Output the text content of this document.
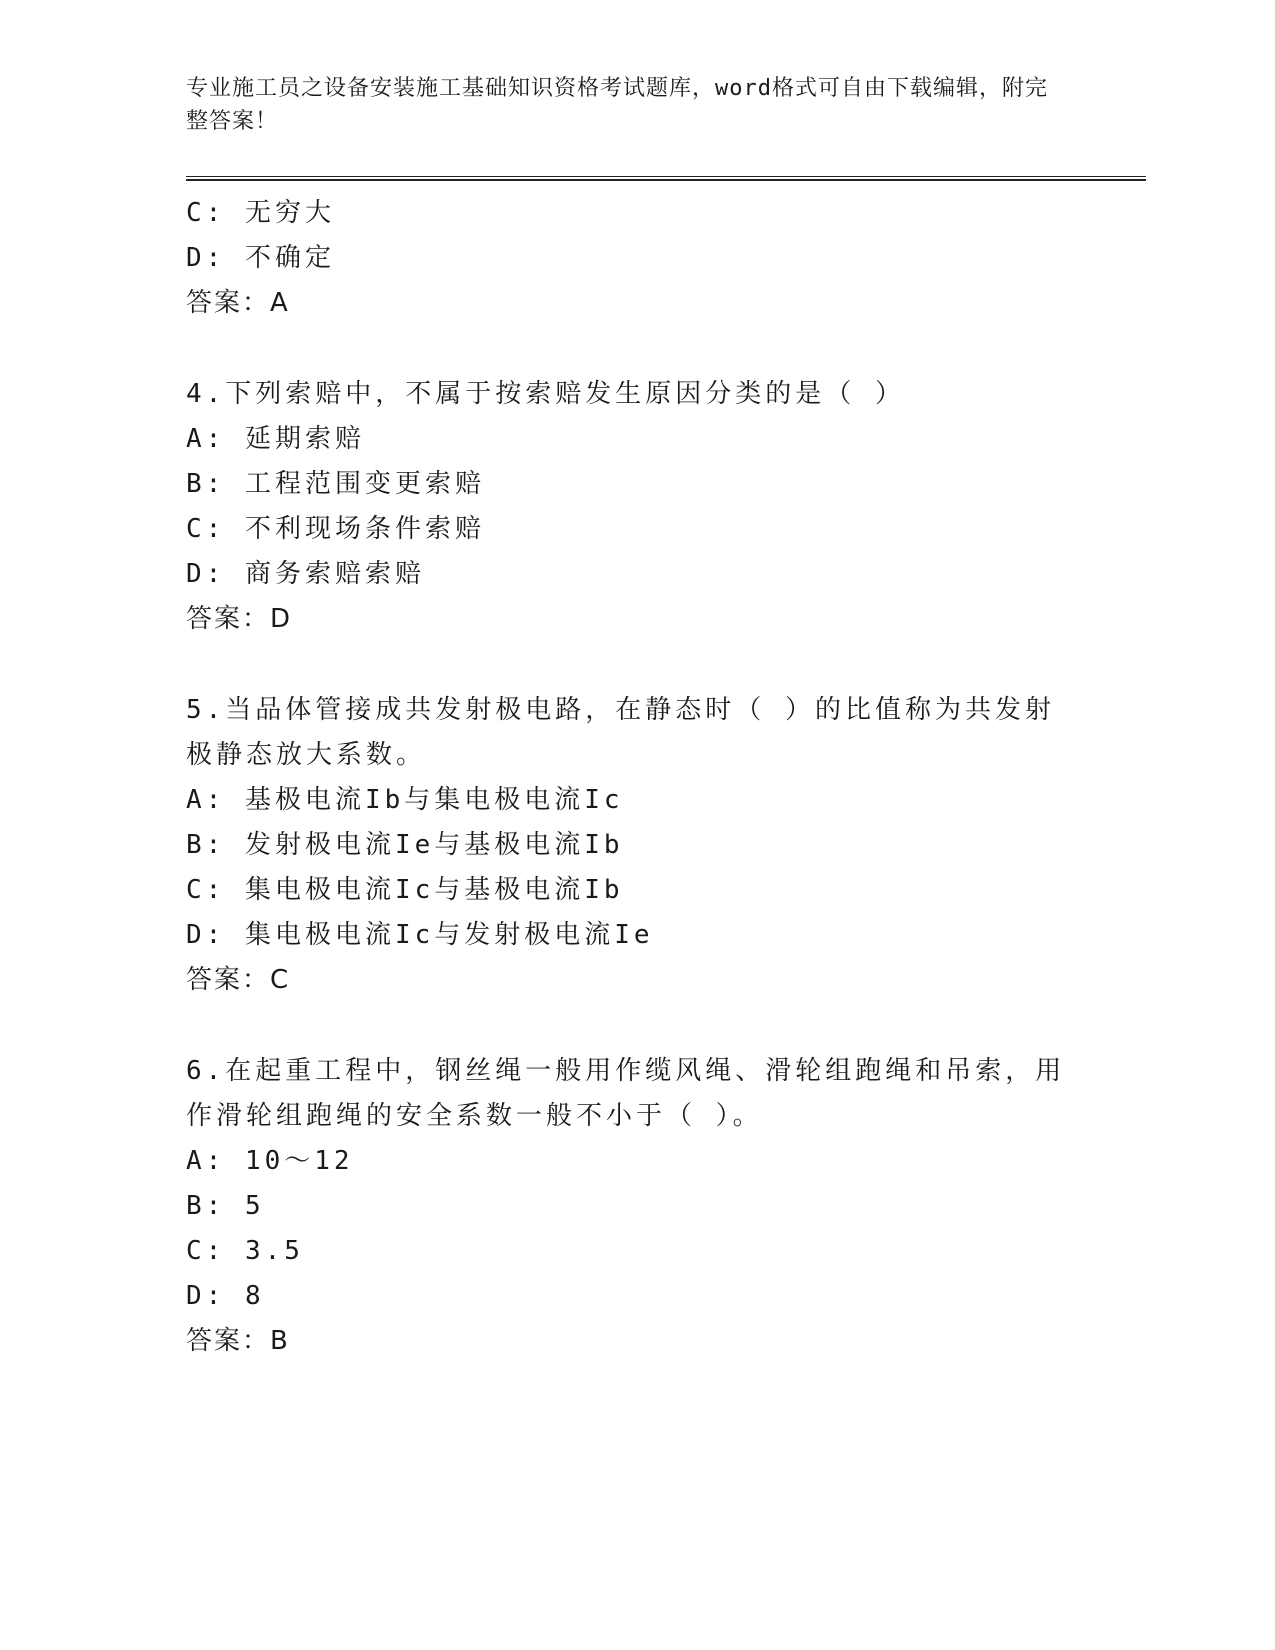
专业施工员之设备安装施工基础知识资格考试题库，word格式可自由下载编辑，附完整答案！

C: 无穷大

D: 不确定

答案：A

4.下列索赔中，不属于按索赔发生原因分类的是（ ）

A: 延期索赔

B: 工程范围变更索赔

C: 不利现场条件索赔

D: 商务索赔索赔

答案：D

5.当品体管接成共发射极电路，在静态时（ ）的比值称为共发射极静态放大系数。

A: 基极电流Ib与集电极电流Ic

B: 发射极电流Ie与基极电流Ib

C: 集电极电流Ic与基极电流Ib

D: 集电极电流Ic与发射极电流Ie

答案：C

6.在起重工程中，钢丝绳一般用作缆风绳、滑轮组跑绳和吊索，用作滑轮组跑绳的安全系数一般不小于（ ）。

A: 10～12

B: 5

C: 3.5

D: 8

答案：B
